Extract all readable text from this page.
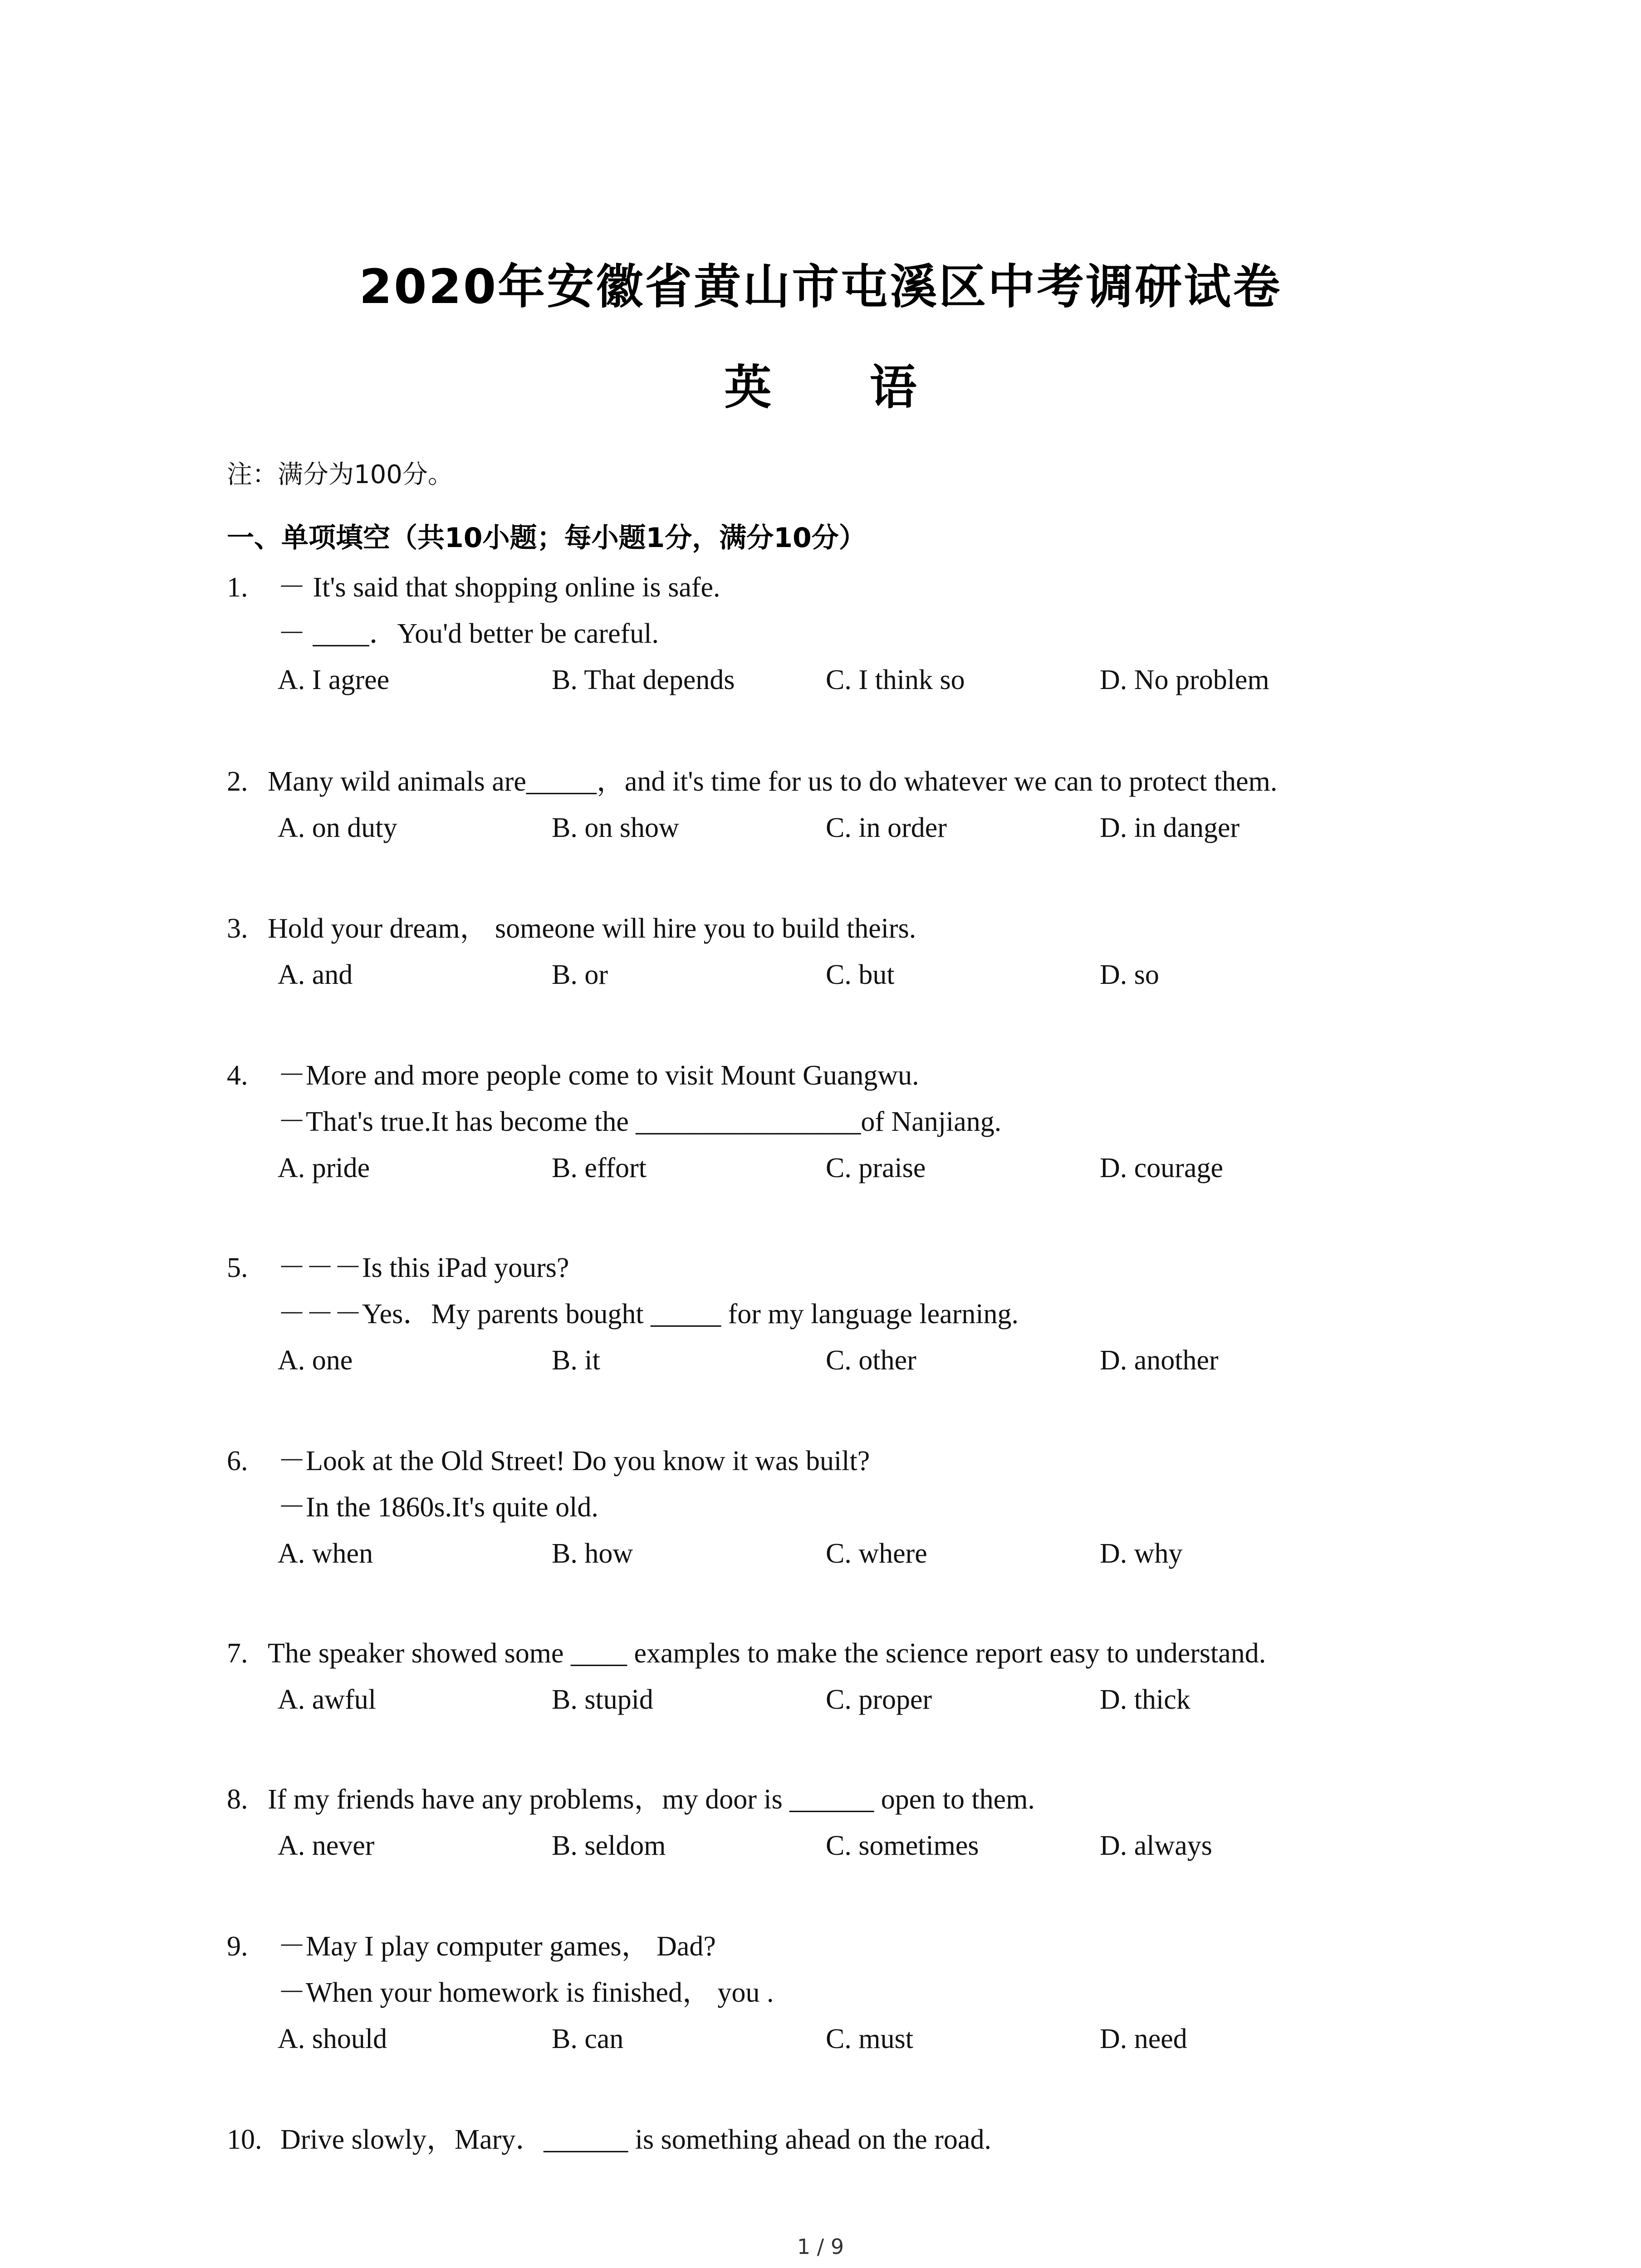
2020年安徽省黄山市屯溪区中考调研试卷
英 语
注：满分为100分。
一、单项填空（共10小题；每小题1分，满分10分）
1. － It's said that shopping online is safe.
－ ____．You'd better be careful.
A. I agree	B. That depends	C. I think so	D. No problem
2. Many wild animals are_____，and it's time for us to do whatever we can to protect them.
A. on duty	B. on show	C. in order	D. in danger
3. Hold your dream， someone will hire you to build theirs.
A. and	B. or	C. but	D. so
4. －More and more people come to visit Mount Guangwu.
－That's true.It has become the ________________of Nanjiang.
A. pride	B. effort	C. praise	D. courage
5. －－－Is this iPad yours?
－－－Yes．My parents bought _____ for my language learning.
A. one	B. it	C. other	D. another
6. －Look at the Old Street! Do you know it was built?
－In the 1860s.It's quite old.
A. when	B. how	C. where	D. why
7. The speaker showed some ____ examples to make the science report easy to understand.
A. awful	B. stupid	C. proper	D. thick
8. If my friends have any problems，my door is ______ open to them.
A. never	B. seldom	C. sometimes	D. always
9. －May I play computer games， Dad?
－When your homework is finished， you .
A. should	B. can	C. must	D. need
10. Drive slowly，Mary．______ is something ahead on the road.
1 / 9
